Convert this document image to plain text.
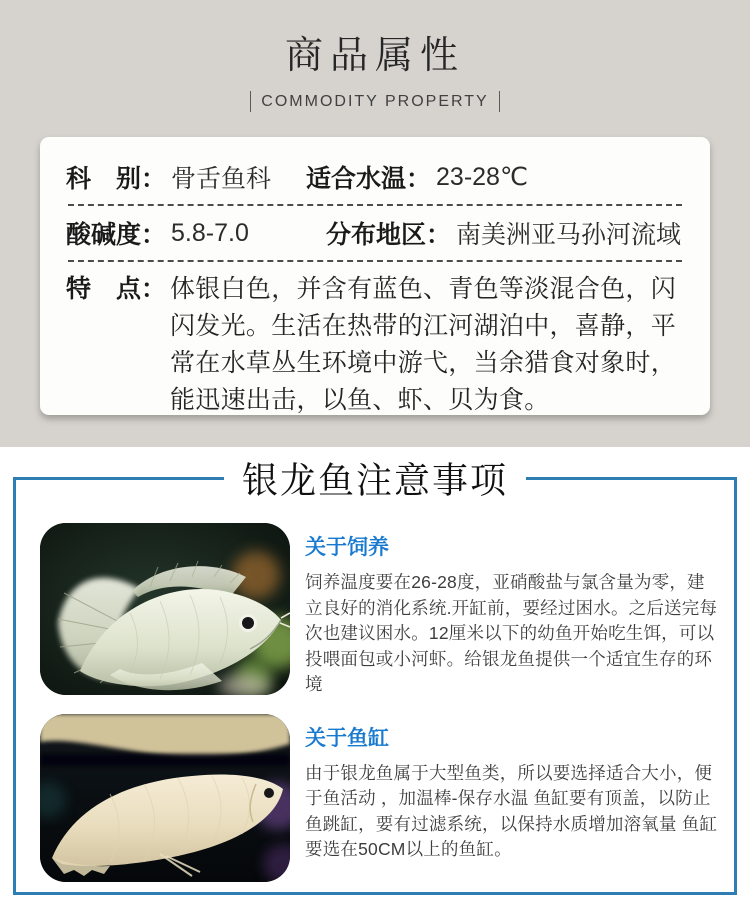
商品属性
COMMODITY PROPERTY
科　别： 骨舌鱼科 适合水温： 23-28℃
酸碱度： 5.8-7.0	分布地区： 南美洲亚马孙河流域
特　点： 体银白色，并含有蓝色、青色等淡混合色，闪闪发光。生活在热带的江河湖泊中，喜静，平常在水草丛生环境中游弋，当余猎食对象时，能迅速出击，以鱼、虾、贝为食。

银龙鱼注意事项
关于饲养

饲养温度要在26-28度，亚硝酸盐与氯含量为零，建立良好的消化系统.开缸前，要经过困水。之后送完每次也建议困水。12厘米以下的幼鱼开始吃生饵，可以投喂面包或小河虾。给银龙鱼提供一个适宜生存的环境

关于鱼缸

由于银龙鱼属于大型鱼类，所以要选择适合大小，便于鱼活动 ，加温棒-保存水温 鱼缸要有顶盖，以防止鱼跳缸，要有过滤系统，以保持水质增加溶氧量 鱼缸要选在50CM以上的鱼缸。
